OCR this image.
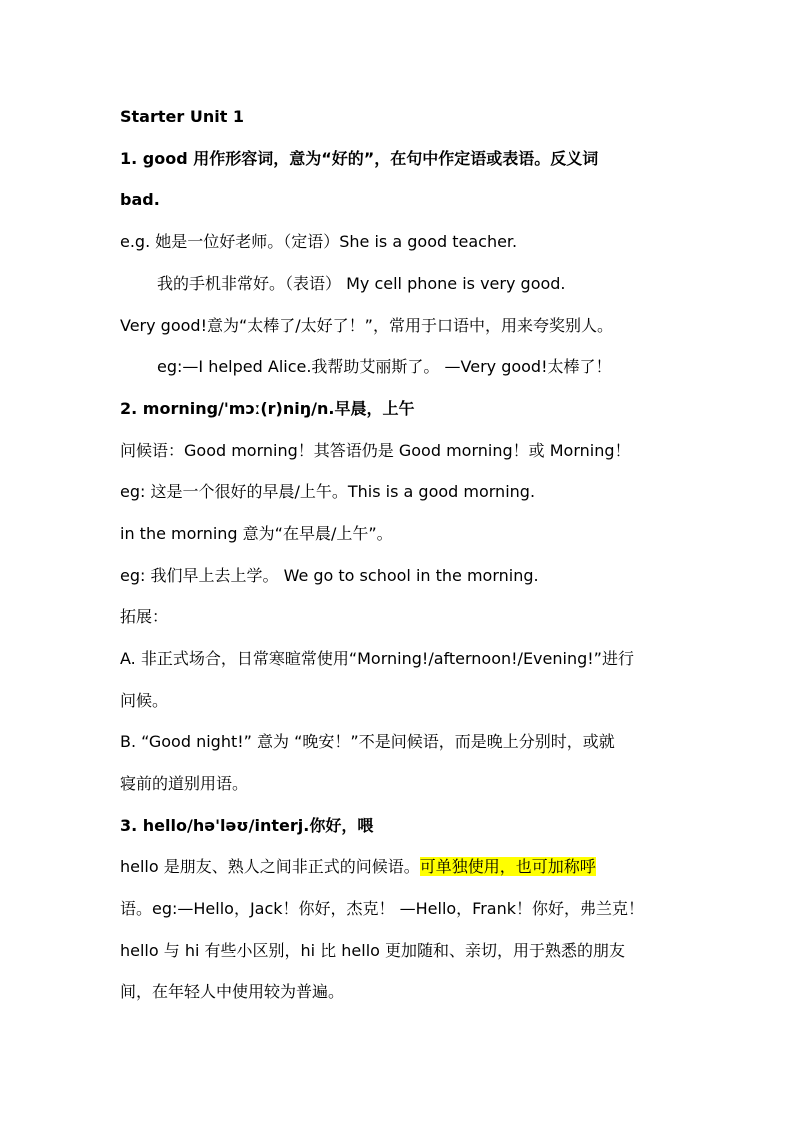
Starter Unit 1
1. good 用作形容词，意为“好的”，在句中作定语或表语。反义词
bad.
e.g. 她是一位好老师。（定语）She is a good teacher.
我的手机非常好。（表语） My cell phone is very good.
Very good!意为“太棒了/太好了！”，常用于口语中，用来夸奖别人。
eg:—I helped Alice.我帮助艾丽斯了。 —Very good!太棒了！
2. morning/'mɔː(r)niŋ/n.早晨，上午
问候语：Good morning！其答语仍是 Good morning！或 Morning！
eg: 这是一个很好的早晨/上午。This is a good morning.
in the morning 意为“在早晨/上午”。
eg: 我们早上去上学。 We go to school in the morning.
拓展：
A. 非正式场合，日常寒暄常使用“Morning!/afternoon!/Evening!”进行
问候。
B. “Good night!” 意为 “晚安！”不是问候语，而是晚上分别时，或就
寝前的道别用语。
3. hello/hə'ləʊ/interj.你好，喂
hello 是朋友、熟人之间非正式的问候语。可单独使用，也可加称呼
语。eg:—Hello，Jack！你好，杰克！ —Hello，Frank！你好，弗兰克！
hello 与 hi 有些小区别，hi 比 hello 更加随和、亲切，用于熟悉的朋友
间，在年轻人中使用较为普遍。
